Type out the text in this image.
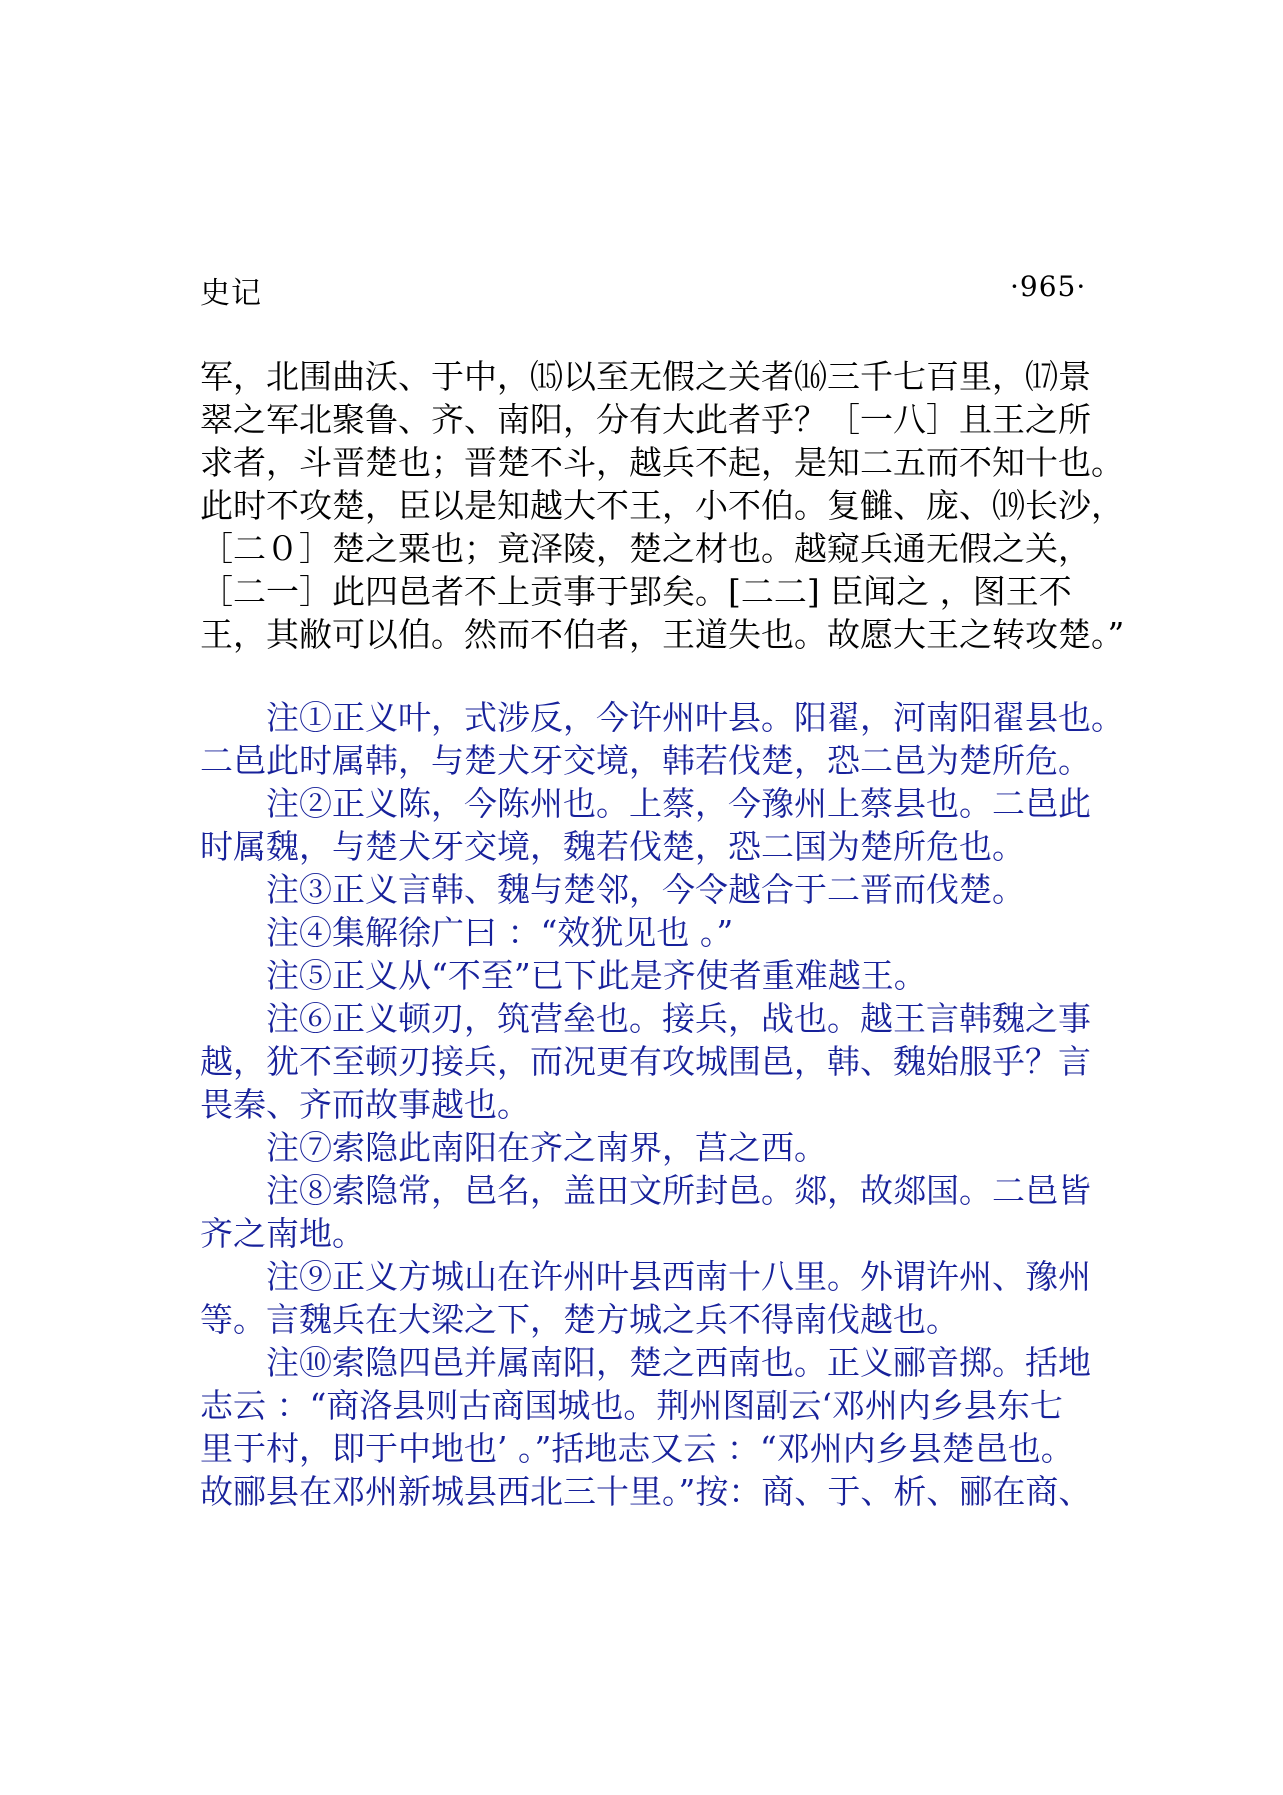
史记	·965·
军，北围曲沃、于中，⒂以至无假之关者⒃三千七百里，⒄景
翠之军北聚鲁、齐、南阳，分有大此者乎？［一八］且王之所
求者，斗晋楚也；晋楚不斗，越兵不起，是知二五而不知十也。
此时不攻楚，臣以是知越大不王，小不伯。复雠、庞、⒆长沙，
［二０］楚之粟也；竟泽陵，楚之材也。越窥兵通无假之关，
［二一］此四邑者不上贡事于郢矣。[二二] 臣闻之 ，图王不
王，其敝可以伯。然而不伯者，王道失也。故愿大王之转攻楚。”
注①正义叶，式涉反，今许州叶县。阳翟，河南阳翟县也。
二邑此时属韩，与楚犬牙交境，韩若伐楚，恐二邑为楚所危。
注②正义陈，今陈州也。上蔡，今豫州上蔡县也。二邑此
时属魏，与楚犬牙交境，魏若伐楚，恐二国为楚所危也。
注③正义言韩、魏与楚邻，今令越合于二晋而伐楚。
注④集解徐广曰 ：“效犹见也 。”
注⑤正义从“不至”已下此是齐使者重难越王。
注⑥正义顿刃，筑营垒也。接兵，战也。越王言韩魏之事
越，犹不至顿刃接兵，而况更有攻城围邑，韩、魏始服乎？言
畏秦、齐而故事越也。
注⑦索隐此南阳在齐之南界，莒之西。
注⑧索隐常，邑名，盖田文所封邑。郯，故郯国。二邑皆
齐之南地。
注⑨正义方城山在许州叶县西南十八里。外谓许州、豫州
等。言魏兵在大梁之下，楚方城之兵不得南伐越也。
注⑩索隐四邑并属南阳，楚之西南也。正义郦音掷。括地
志云 ：“商洛县则古商国城也。荆州图副云‘邓州内乡县东七
里于村，即于中地也’ 。”括地志又云 ：“邓州内乡县楚邑也。
故郦县在邓州新城县西北三十里。”按：商、于、析、郦在商、
